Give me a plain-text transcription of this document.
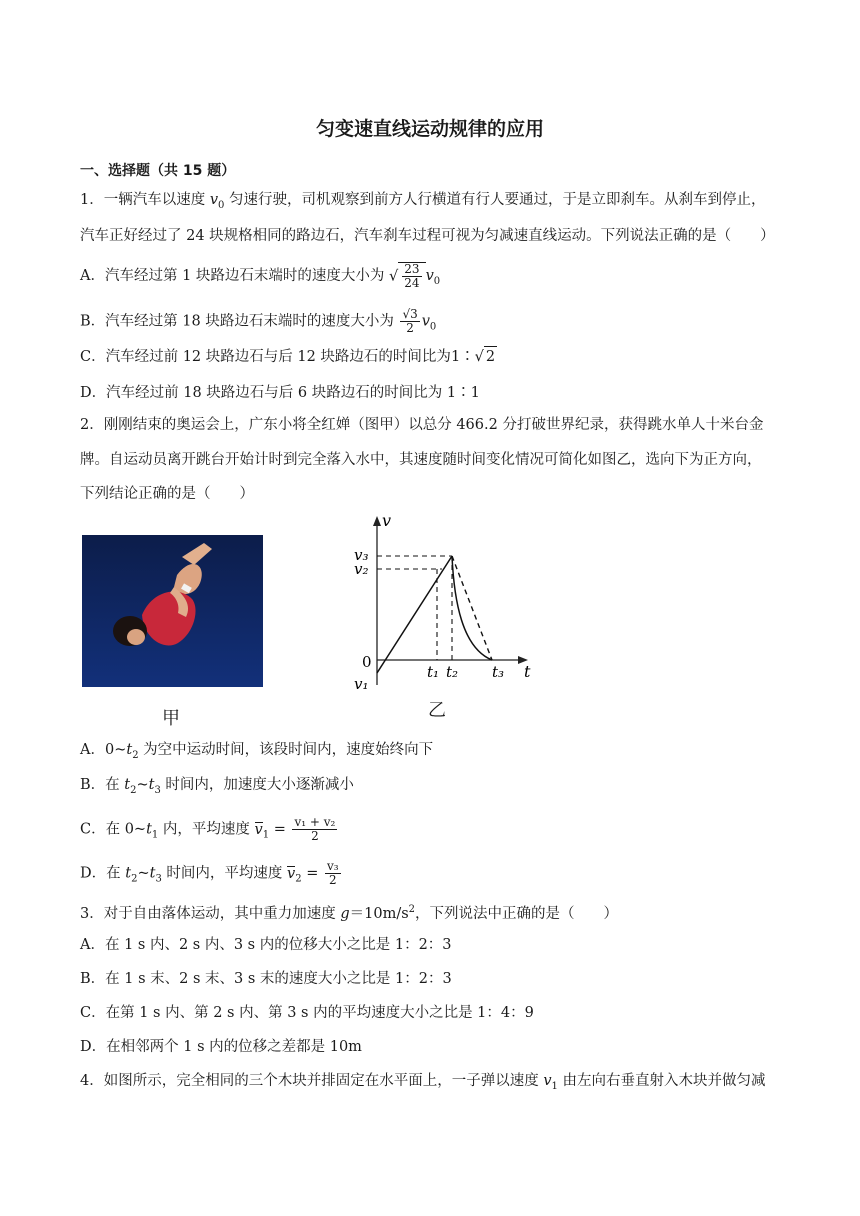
匀变速直线运动规律的应用
一、选择题（共 15 题）
1．一辆汽车以速度 $v_0$ 匀速行驶，司机观察到前方人行横道有行人要通过，于是立即刹车。从刹车到停止，
汽车正好经过了 24 块规格相同的路边石，汽车刹车过程可视为匀减速直线运动。下列说法正确的是（　　）
A．汽车经过第 1 块路边石末端时的速度大小为 √ $\frac{23}{24} v_0$
B．汽车经过第 18 块路边石末端时的速度大小为 $\frac{√3}{2} v_0$
C．汽车经过前 12 块路边石与后 12 块路边石的时间比为1∶√ 2
D．汽车经过前 18 块路边石与后 6 块路边石的时间比为 1∶1
2．刚刚结束的奥运会上，广东小将全红婵（图甲）以总分 466.2 分打破世界纪录，获得跳水单人十米台金
牌。自运动员离开跳台开始计时到完全落入水中，其速度随时间变化情况可简化如图乙，选向下为正方向，
下列结论正确的是（　　）
甲
v
t
v₃
v₂
0
v₁
t₁ t₂ t₃
乙
A．$0\sim t_2$ 为空中运动时间，该段时间内，速度始终向下
B．在 $t_2\sim t_3$ 时间内，加速度大小逐渐减小
C．在 $0\sim t_1$ 内，平均速度 $v_1 = \frac{\text{v₁ + v₂}}{2}$
D．在 $t_2\sim t_3$ 时间内，平均速度 $v_2 = \frac{\text{v₃}}{2}$
3．对于自由落体运动，其中重力加速度 $g=10m/s^2$，下列说法中正确的是（　　）
A．在 1 s 内、2 s 内、3 s 内的位移大小之比是 1：2：3
B．在 1 s 末、2 s 末、3 s 末的速度大小之比是 1：2：3
C．在第 1 s 内、第 2 s 内、第 3 s 内的平均速度大小之比是 1：4：9
D．在相邻两个 1 s 内的位移之差都是 10m
4．如图所示，完全相同的三个木块并排固定在水平面上，一子弹以速度 $v_1$ 由左向右垂直射入木块并做匀减
